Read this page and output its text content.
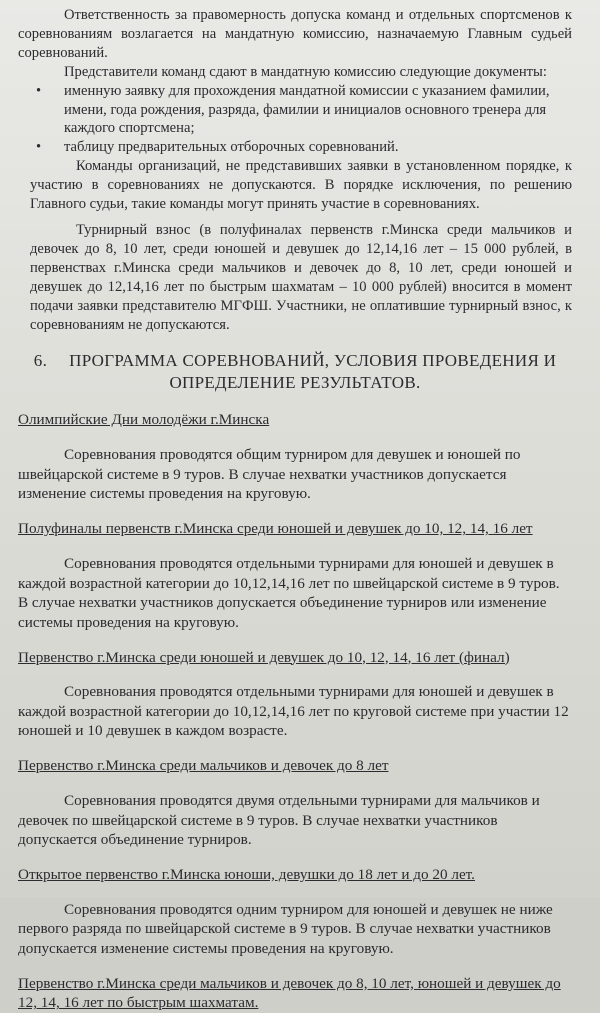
Ответственность за правомерность допуска команд и отдельных спортсменов к соревнованиям возлагается на мандатную комиссию, назначаемую Главным судьей соревнований.

Представители команд сдают в мандатную комиссию следующие документы:

• именную заявку для прохождения мандатной комиссии с указанием фамилии, имени, года рождения, разряда, фамилии и инициалов основного тренера для каждого спортсмена;
• таблицу предварительных отборочных соревнований.

Команды организаций, не представивших заявки в установленном порядке, к участию в соревнованиях не допускаются. В порядке исключения, по решению Главного судьи, такие команды могут принять участие в соревнованиях.

Турнирный взнос (в полуфиналах первенств г.Минска среди мальчиков и девочек до 8, 10 лет, среди юношей и девушек до 12,14,16 лет – 15 000 рублей, в первенствах г.Минска среди мальчиков и девочек до 8, 10 лет, среди юношей и девушек до 12,14,16 лет по быстрым шахматам – 10 000 рублей) вносится в момент подачи заявки представителю МГФШ. Участники, не оплатившие турнирный взнос, к соревнованиям не допускаются.

6. ПРОГРАММА СОРЕВНОВАНИЙ, УСЛОВИЯ ПРОВЕДЕНИЯ И

ОПРЕДЕЛЕНИЕ РЕЗУЛЬТАТОВ.

Олимпийские Дни молодёжи г.Минска

Соревнования проводятся общим турниром для девушек и юношей по швейцарской системе в 9 туров. В случае нехватки участников допускается изменение системы проведения на круговую.

Полуфиналы первенств г.Минска среди юношей и девушек до 10, 12, 14, 16 лет

Соревнования проводятся отдельными турнирами для юношей и девушек в каждой возрастной категории до 10,12,14,16 лет по швейцарской системе в 9 туров. В случае нехватки участников допускается объединение турниров или изменение системы проведения на круговую.

Первенство г.Минска среди юношей и девушек до 10, 12, 14, 16 лет (финал)

Соревнования проводятся отдельными турнирами для юношей и девушек в каждой возрастной категории до 10,12,14,16 лет по круговой системе при участии 12 юношей и 10 девушек в каждом возрасте.

Первенство г.Минска среди мальчиков и девочек до 8 лет

Соревнования проводятся двумя отдельными турнирами для мальчиков и девочек по швейцарской системе в 9 туров. В случае нехватки участников допускается объединение турниров.

Открытое первенство г.Минска юноши, девушки до 18 лет и до 20 лет.

Соревнования проводятся одним турниром для юношей и девушек не ниже первого разряда по швейцарской системе в 9 туров. В случае нехватки участников допускается изменение системы проведения на круговую.

Первенство г.Минска среди мальчиков и девочек до 8, 10 лет, юношей и девушек до 12, 14, 16 лет по быстрым шахматам.
